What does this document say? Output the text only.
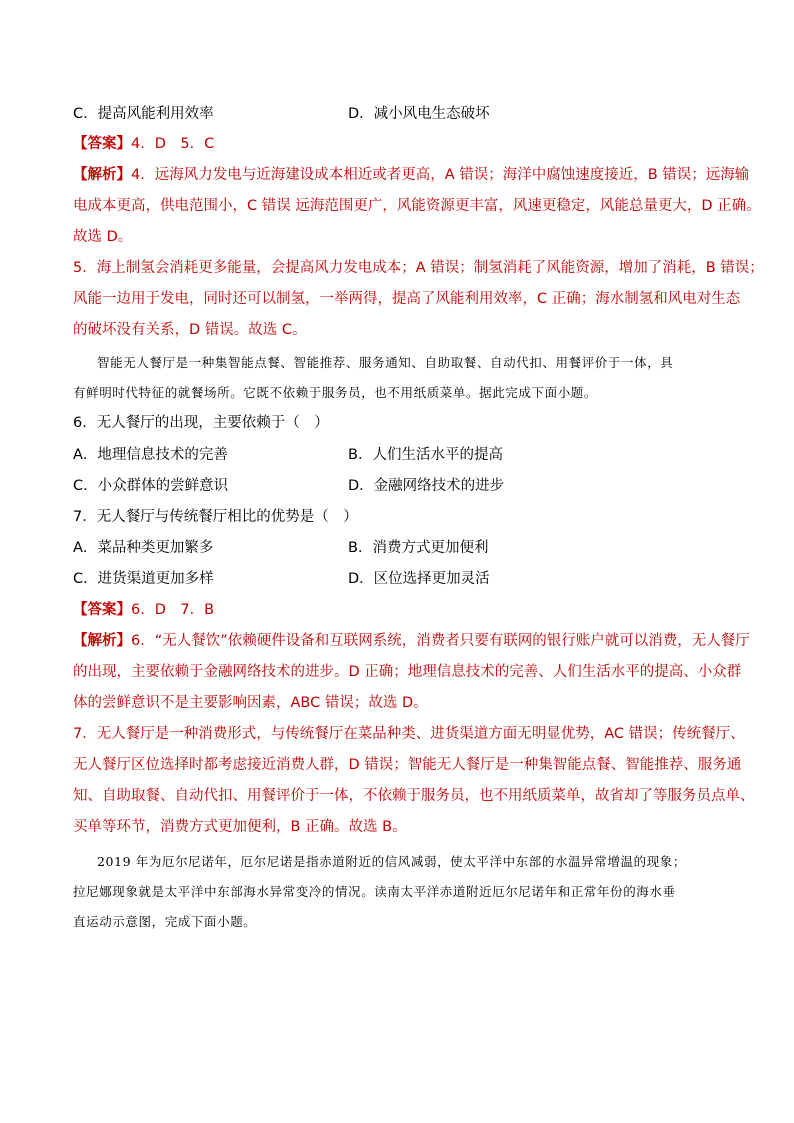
C．提高风能利用效率	D．减小风电生态破坏
【答案】4．D　5．C
【解析】4．远海风力发电与近海建设成本相近或者更高，A 错误；海洋中腐蚀速度接近，B 错误；远海输
电成本更高，供电范围小，C 错误 远海范围更广，风能资源更丰富，风速更稳定，风能总量更大，D 正确。
故选 D。
5．海上制氢会消耗更多能量，会提高风力发电成本；A 错误；制氢消耗了风能资源，增加了消耗，B 错误；
风能一边用于发电，同时还可以制氢，一举两得，提高了风能利用效率，C 正确；海水制氢和风电对生态
的破坏没有关系，D 错误。故选 C。
智能无人餐厅是一种集智能点餐、智能推荐、服务通知、自助取餐、自动代扣、用餐评价于一体，具
有鲜明时代特征的就餐场所。它既不依赖于服务员，也不用纸质菜单。据此完成下面小题。
6．无人餐厅的出现，主要依赖于（　）
A．地理信息技术的完善	B．人们生活水平的提高
C．小众群体的尝鲜意识	D．金融网络技术的进步
7．无人餐厅与传统餐厅相比的优势是（　）
A．菜品种类更加繁多	B．消费方式更加便利
C．进货渠道更加多样	D．区位选择更加灵活
【答案】6．D　7．B
【解析】6．“无人餐饮”依赖硬件设备和互联网系统，消费者只要有联网的银行账户就可以消费，无人餐厅
的出现，主要依赖于金融网络技术的进步。D 正确；地理信息技术的完善、人们生活水平的提高、小众群
体的尝鲜意识不是主要影响因素，ABC 错误；故选 D。
7．无人餐厅是一种消费形式，与传统餐厅在菜品种类、进货渠道方面无明显优势，AC 错误；传统餐厅、
无人餐厅区位选择时都考虑接近消费人群，D 错误；智能无人餐厅是一种集智能点餐、智能推荐、服务通
知、自助取餐、自动代扣、用餐评价于一体，不依赖于服务员，也不用纸质菜单，故省却了等服务员点单、
买单等环节，消费方式更加便利，B 正确。故选 B。
2019 年为厄尔尼诺年，厄尔尼诺是指赤道附近的信风减弱，使太平洋中东部的水温异常增温的现象；
拉尼娜现象就是太平洋中东部海水异常变冷的情况。读南太平洋赤道附近厄尔尼诺年和正常年份的海水垂
直运动示意图，完成下面小题。
